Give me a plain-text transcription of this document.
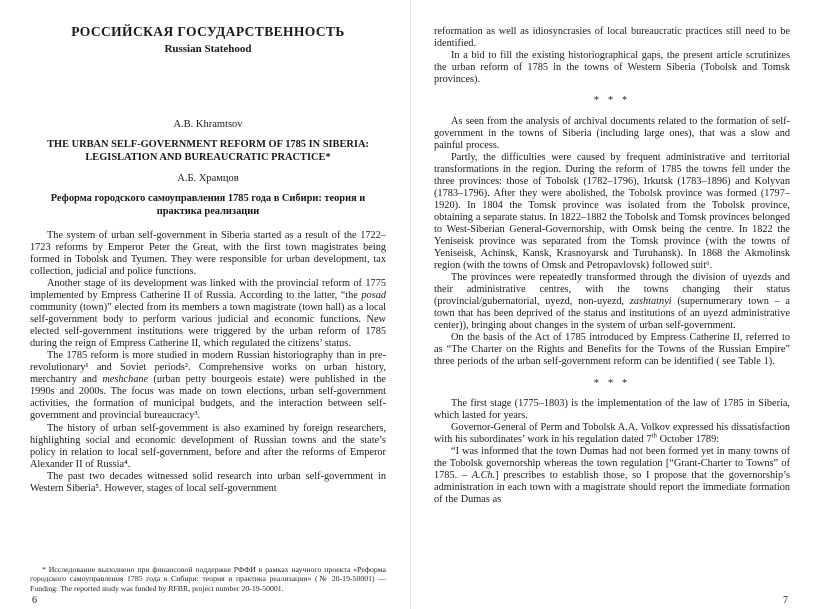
РОССИЙСКАЯ ГОСУДАРСТВЕННОСТЬ
Russian Statehood
А.В. Khramtsov
THE URBAN SELF-GOVERNMENT REFORM OF 1785 IN SIBERIA: LEGISLATION AND BUREAUCRATIC PRACTICE*
А.Б. Храмцов
Реформа городского самоуправления 1785 года в Сибири: теория и практика реализации

The system of urban self-government in Siberia started as a result of the 1722–1723 reforms by Emperor Peter the Great, with the first town magistrates being formed in Tobolsk and Tyumen. They were responsible for urban development, tax collection, judicial and police functions.

Another stage of its development was linked with the provincial reform of 1775 implemented by Empress Catherine II of Russia. According to the latter, “the posad community (town)” elected from its members a town magistrate (town hall) as a local self-government body to perform various judicial and economic functions. New elected self-government institutions were triggered by the urban reform of 1785 during the reign of Empress Catherine II, which regulated the citizens’ status.

The 1785 reform is more studied in modern Russian historiography than in pre-revolutionary¹ and Soviet periods². Comprehensive works on urban history, merchantry and meshchane (urban petty bourgeois estate) were published in the 1990s and 2000s. The focus was made on town elections, urban self-government activities, the formation of municipal budgets, and the interaction between self-government and provincial bureaucracy³.

The history of urban self-government is also examined by foreign researchers, highlighting social and economic development of Russian towns and the state’s policy in relation to local self-government, before and after the reforms of Emperor Alexander II of Russia⁴.

The past two decades witnessed solid research into urban self-government in Western Siberia⁵. However, stages of local self-government

* Исследование выполнено при финансовой поддержке РФФИ в рамках научного проекта «Реформа городского самоуправления 1785 года в Сибири: теория и практика реализации» (№ 20-19-50001) — Funding: The reported study was funded by RFBR, project number 20-19-50001.
6

reformation as well as idiosyncrasies of local bureaucratic practices still need to be identified.

In a bid to fill the existing historiographical gaps, the present article scrutinizes the urban reform of 1785 in the towns of Western Siberia (Tobolsk and Tomsk provinces).

* * *

As seen from the analysis of archival documents related to the formation of self-government in the towns of Siberia (including large ones), that was a slow and painful process.

Partly, the difficulties were caused by frequent administrative and territorial transformations in the region. During the reform of 1785 the towns fell under the three provinces: those of Tobolsk (1782–1796), Irkutsk (1783–1896) and Kolyvan (1783–1796). After they were abolished, the Tobolsk province was formed (1797–1920). In 1804 the Tomsk province was isolated from the Tobolsk province, obtaining a separate status. In 1822–1882 the Tobolsk and Tomsk provinces belonged to West-Siberian General-Governorship, with Omsk being the centre. In 1822 the Yeniseisk province was separated from the Tomsk province (with the towns of Yeniseisk, Achinsk, Kansk, Krasnoyarsk and Turuhansk). In 1868 the Akmolinsk region (with the towns of Omsk and Petropavlovsk) followed suit⁶.

The provinces were repeatedly transformed through the division of uyezds and their administrative centres, with the towns changing their status (provincial/gubernatorial, uyezd, non-uyezd, zashtatnyi (supernumerary town – a town that has been deprived of the status and institutions of an uyezd administrative center)), bringing about changes in the system of urban self-government.

On the basis of the Act of 1785 introduced by Empress Catherine II, referred to as “The Charter on the Rights and Benefits for the Towns of the Russian Empire” three periods of the urban self-government reform can be identified ( see Table 1).

* * *

The first stage (1775–1803) is the implementation of the law of 1785 in Siberia, which lasted for years.

Governor-General of Perm and Tobolsk A.A. Volkov expressed his dissatisfaction with his subordinates’ work in his regulation dated 7th October 1789:

“I was informed that the town Dumas had not been formed yet in many towns of the Tobolsk governorship whereas the town regulation [“Grant-Charter to Towns” of 1785. – A.Ch.] prescribes to establish those, so I propose that the governorship’s administration in each town with a magistrate should report the immediate formation of the Dumas as

7
